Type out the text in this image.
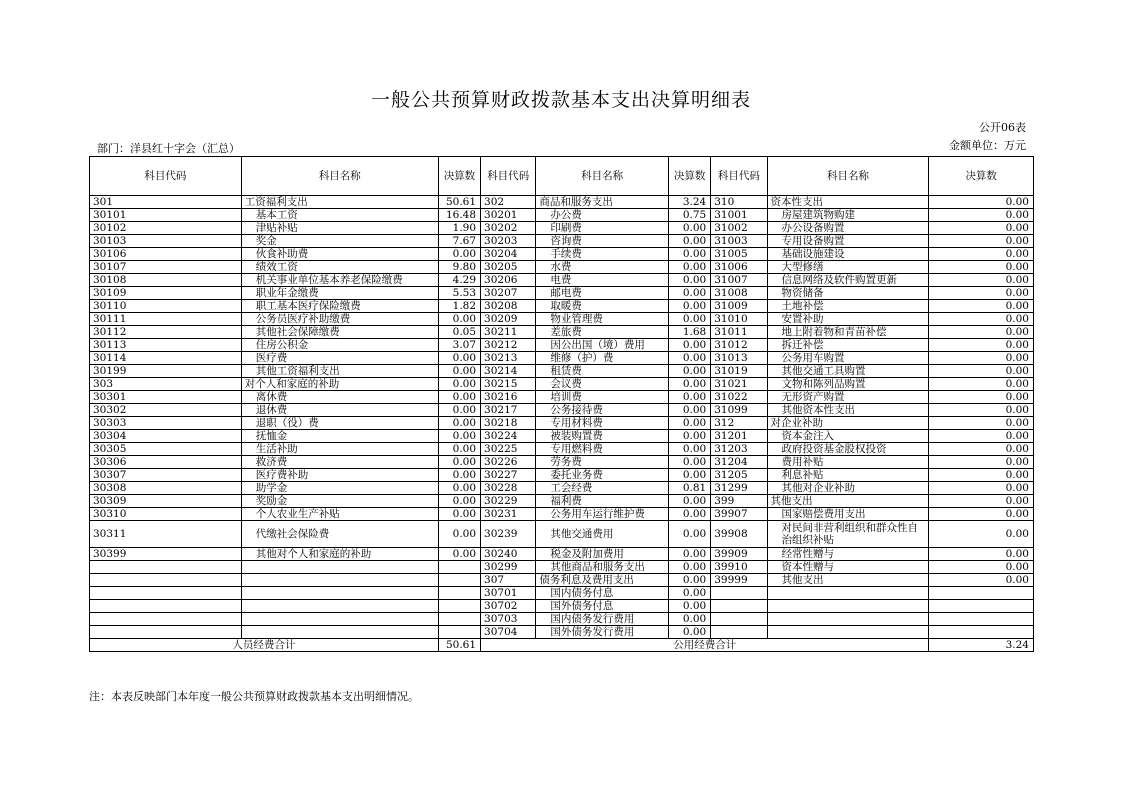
一般公共预算财政拨款基本支出决算明细表
公开06表
部门：洋县红十字会（汇总）	金额单位：万元
科目代码	科目名称	决算数	科目代码	科目名称	决算数	科目代码	科目名称	决算数
301	工资福利支出	50.61	302	商品和服务支出	3.24	310	资本性支出	0.00
30101	基本工资	16.48	30201	办公费	0.75	31001	房屋建筑物购建	0.00
30102	津贴补贴	1.90	30202	印刷费	0.00	31002	办公设备购置	0.00
30103	奖金	7.67	30203	咨询费	0.00	31003	专用设备购置	0.00
30106	伙食补助费	0.00	30204	手续费	0.00	31005	基础设施建设	0.00
30107	绩效工资	9.80	30205	水费	0.00	31006	大型修缮	0.00
30108	机关事业单位基本养老保险缴费	4.29	30206	电费	0.00	31007	信息网络及软件购置更新	0.00
30109	职业年金缴费	5.53	30207	邮电费	0.00	31008	物资储备	0.00
30110	职工基本医疗保险缴费	1.82	30208	取暖费	0.00	31009	土地补偿	0.00
30111	公务员医疗补助缴费	0.00	30209	物业管理费	0.00	31010	安置补助	0.00
30112	其他社会保障缴费	0.05	30211	差旅费	1.68	31011	地上附着物和青苗补偿	0.00
30113	住房公积金	3.07	30212	因公出国（境）费用	0.00	31012	拆迁补偿	0.00
30114	医疗费	0.00	30213	维修（护）费	0.00	31013	公务用车购置	0.00
30199	其他工资福利支出	0.00	30214	租赁费	0.00	31019	其他交通工具购置	0.00
303	对个人和家庭的补助	0.00	30215	会议费	0.00	31021	文物和陈列品购置	0.00
30301	离休费	0.00	30216	培训费	0.00	31022	无形资产购置	0.00
30302	退休费	0.00	30217	公务接待费	0.00	31099	其他资本性支出	0.00
30303	退职（役）费	0.00	30218	专用材料费	0.00	312	对企业补助	0.00
30304	抚恤金	0.00	30224	被装购置费	0.00	31201	资本金注入	0.00
30305	生活补助	0.00	30225	专用燃料费	0.00	31203	政府投资基金股权投资	0.00
30306	救济费	0.00	30226	劳务费	0.00	31204	费用补贴	0.00
30307	医疗费补助	0.00	30227	委托业务费	0.00	31205	利息补贴	0.00
30308	助学金	0.00	30228	工会经费	0.81	31299	其他对企业补助	0.00
30309	奖励金	0.00	30229	福利费	0.00	399	其他支出	0.00
30310	个人农业生产补贴	0.00	30231	公务用车运行维护费	0.00	39907	国家赔偿费用支出	0.00
30311	代缴社会保险费	0.00	30239	其他交通费用	0.00	39908	对民间非营利组织和群众性自治组织补贴	0.00
30399	其他对个人和家庭的补助	0.00	30240	税金及附加费用	0.00	39909	经常性赠与	0.00
			30299	其他商品和服务支出	0.00	39910	资本性赠与	0.00
			307	债务利息及费用支出	0.00	39999	其他支出	0.00
			30701	国内债务付息	0.00			
			30702	国外债务付息	0.00			
			30703	国内债务发行费用	0.00			
			30704	国外债务发行费用	0.00			
人员经费合计		50.61	公用经费合计					3.24
注：本表反映部门本年度一般公共预算财政拨款基本支出明细情况。
